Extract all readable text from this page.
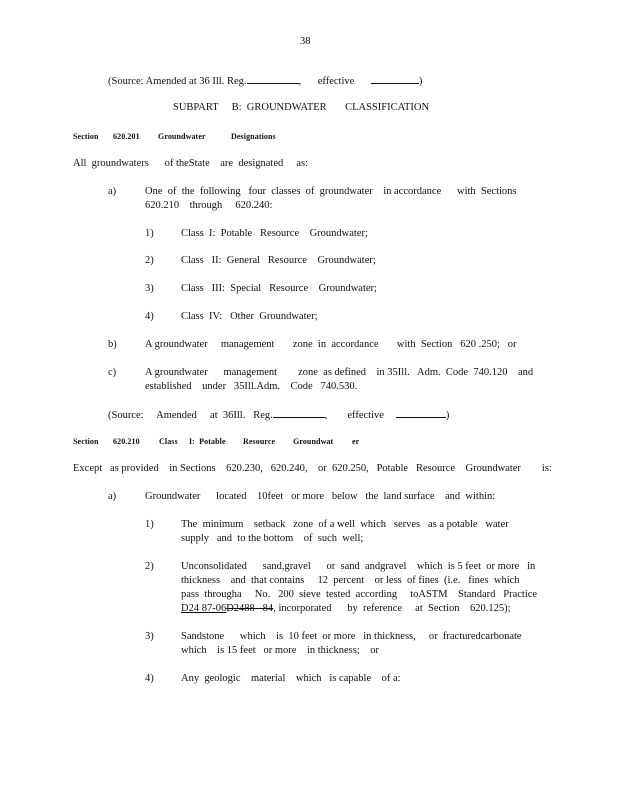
38
(Source: Amended at 36 Ill. Reg.	, effective	)
SUBPART     B:  GROUNDWATER       CLASSIFICATION
Section 620.201 Groundwater	Designations
All  groundwaters      of theState    are  designated     as:
a)	One  of  the  following   four  classes  of  groundwater    in accordance      with  Sections
620.210    through     620.240:
1)	Class  I:  Potable   Resource    Groundwater;
2)	Class   II:  General   Resource    Groundwater;
3)	Class   III:  Special   Resource    Groundwater;
4)	Class  IV:   Other  Groundwater;
b)	A groundwater     management       zone  in  accordance       with  Section   620 .250;   or
c)	A groundwater      management        zone  as defined    in 35Ill.   Adm.  Code  740.120    and
established    under   35Ill.Adm.    Code   740.530.
(Source:     Amended     at  36Ill.   Reg.	, effective	)
Section 620.210 Class I:  Potable Resource Groundwat er
Except   as provided    in Sections    620.230,   620.240,    or  620.250,   Potable   Resource    Groundwater        is:
a)	Groundwater      located    10feet   or more   below   the  land surface    and  within:
1)	The  minimum    setback   zone  of a well  which   serves   as a potable   water
supply   and  to the bottom    of  such  well;
2)	Unconsolidated      sand,gravel      or  sand  andgravel    which  is 5 feet  or more   in
thickness    and  that contains     12  percent    or less  of fines  (i.e.   fines  which
pass  througha     No.   200  sieve  tested  according     toASTM    Standard   Practice
D24 87-06D2488   84, incorporated      by  reference     at  Section    620.125);
3)	Sandstone      which    is  10 feet  or more   in thickness,     or  fracturedcarbonate
which    is 15 feet   or more    in thickness;    or
4)	Any  geologic    material    which   is capable    of a:
